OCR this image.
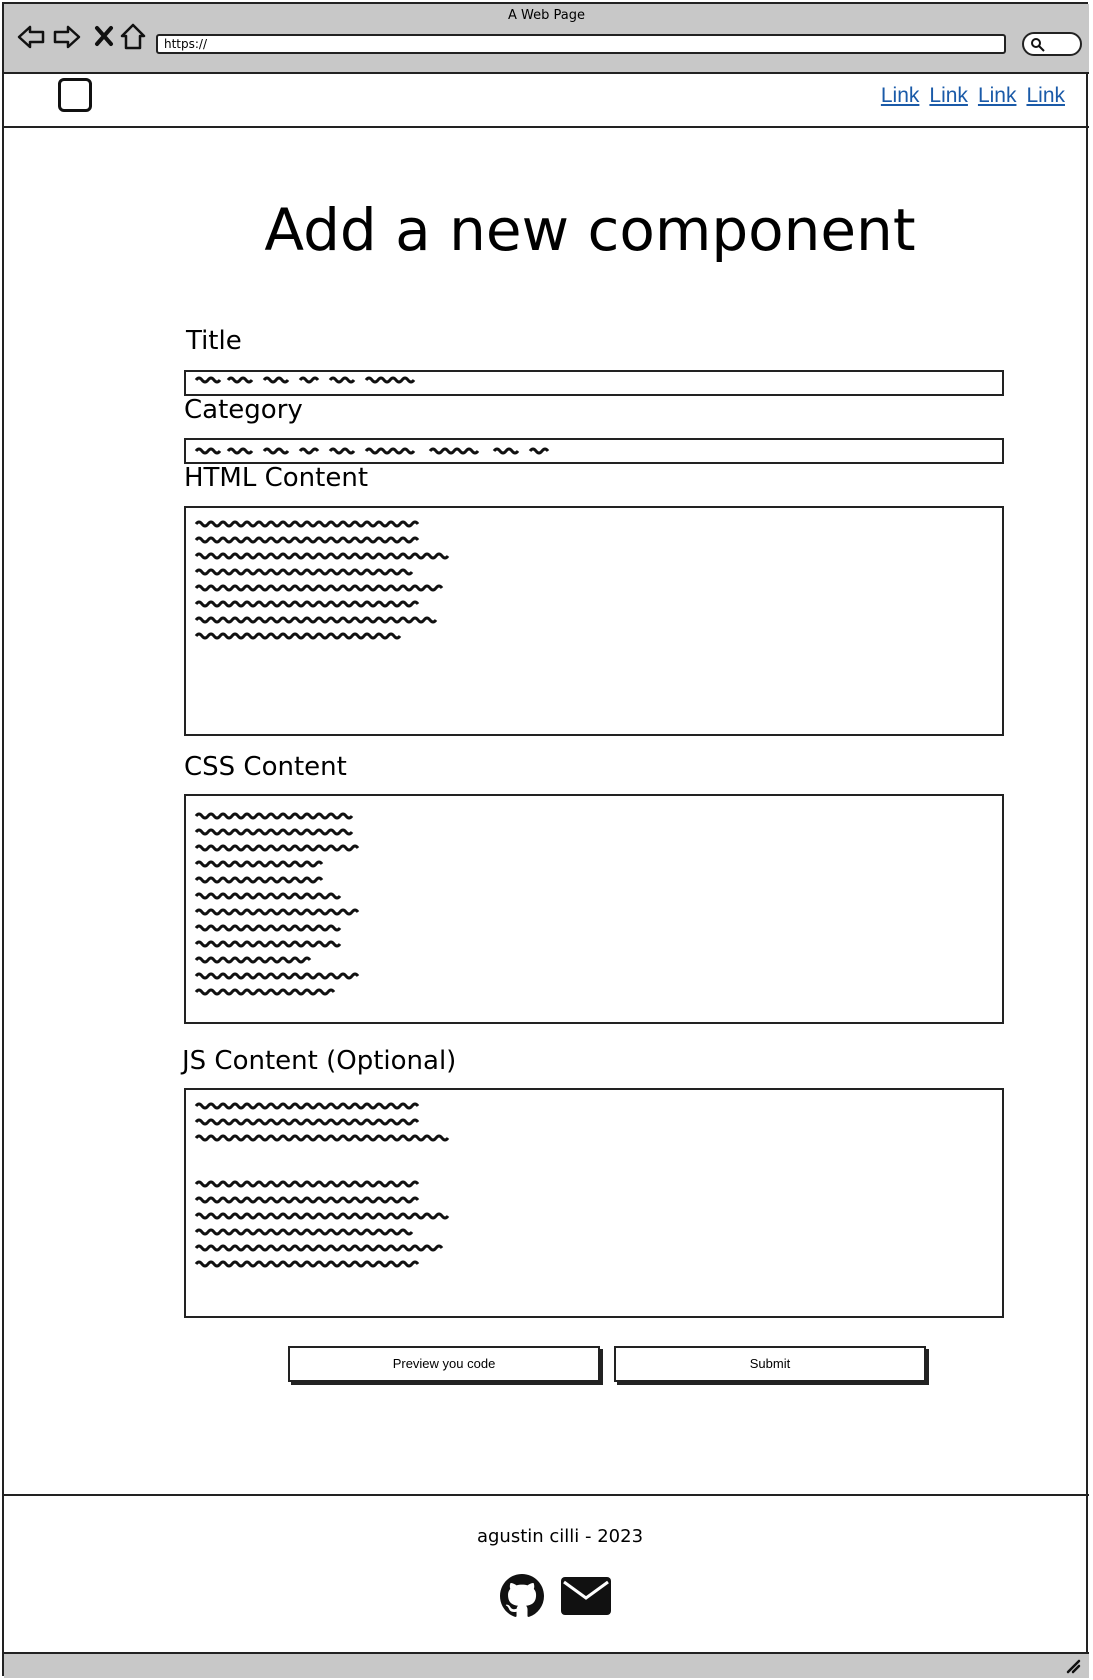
A Web Page
https://
Link Link Link Link
Add a new component
Title
Category
HTML Content
CSS Content
JS Content (Optional)
Preview you code	Submit
agustin cilli - 2023
